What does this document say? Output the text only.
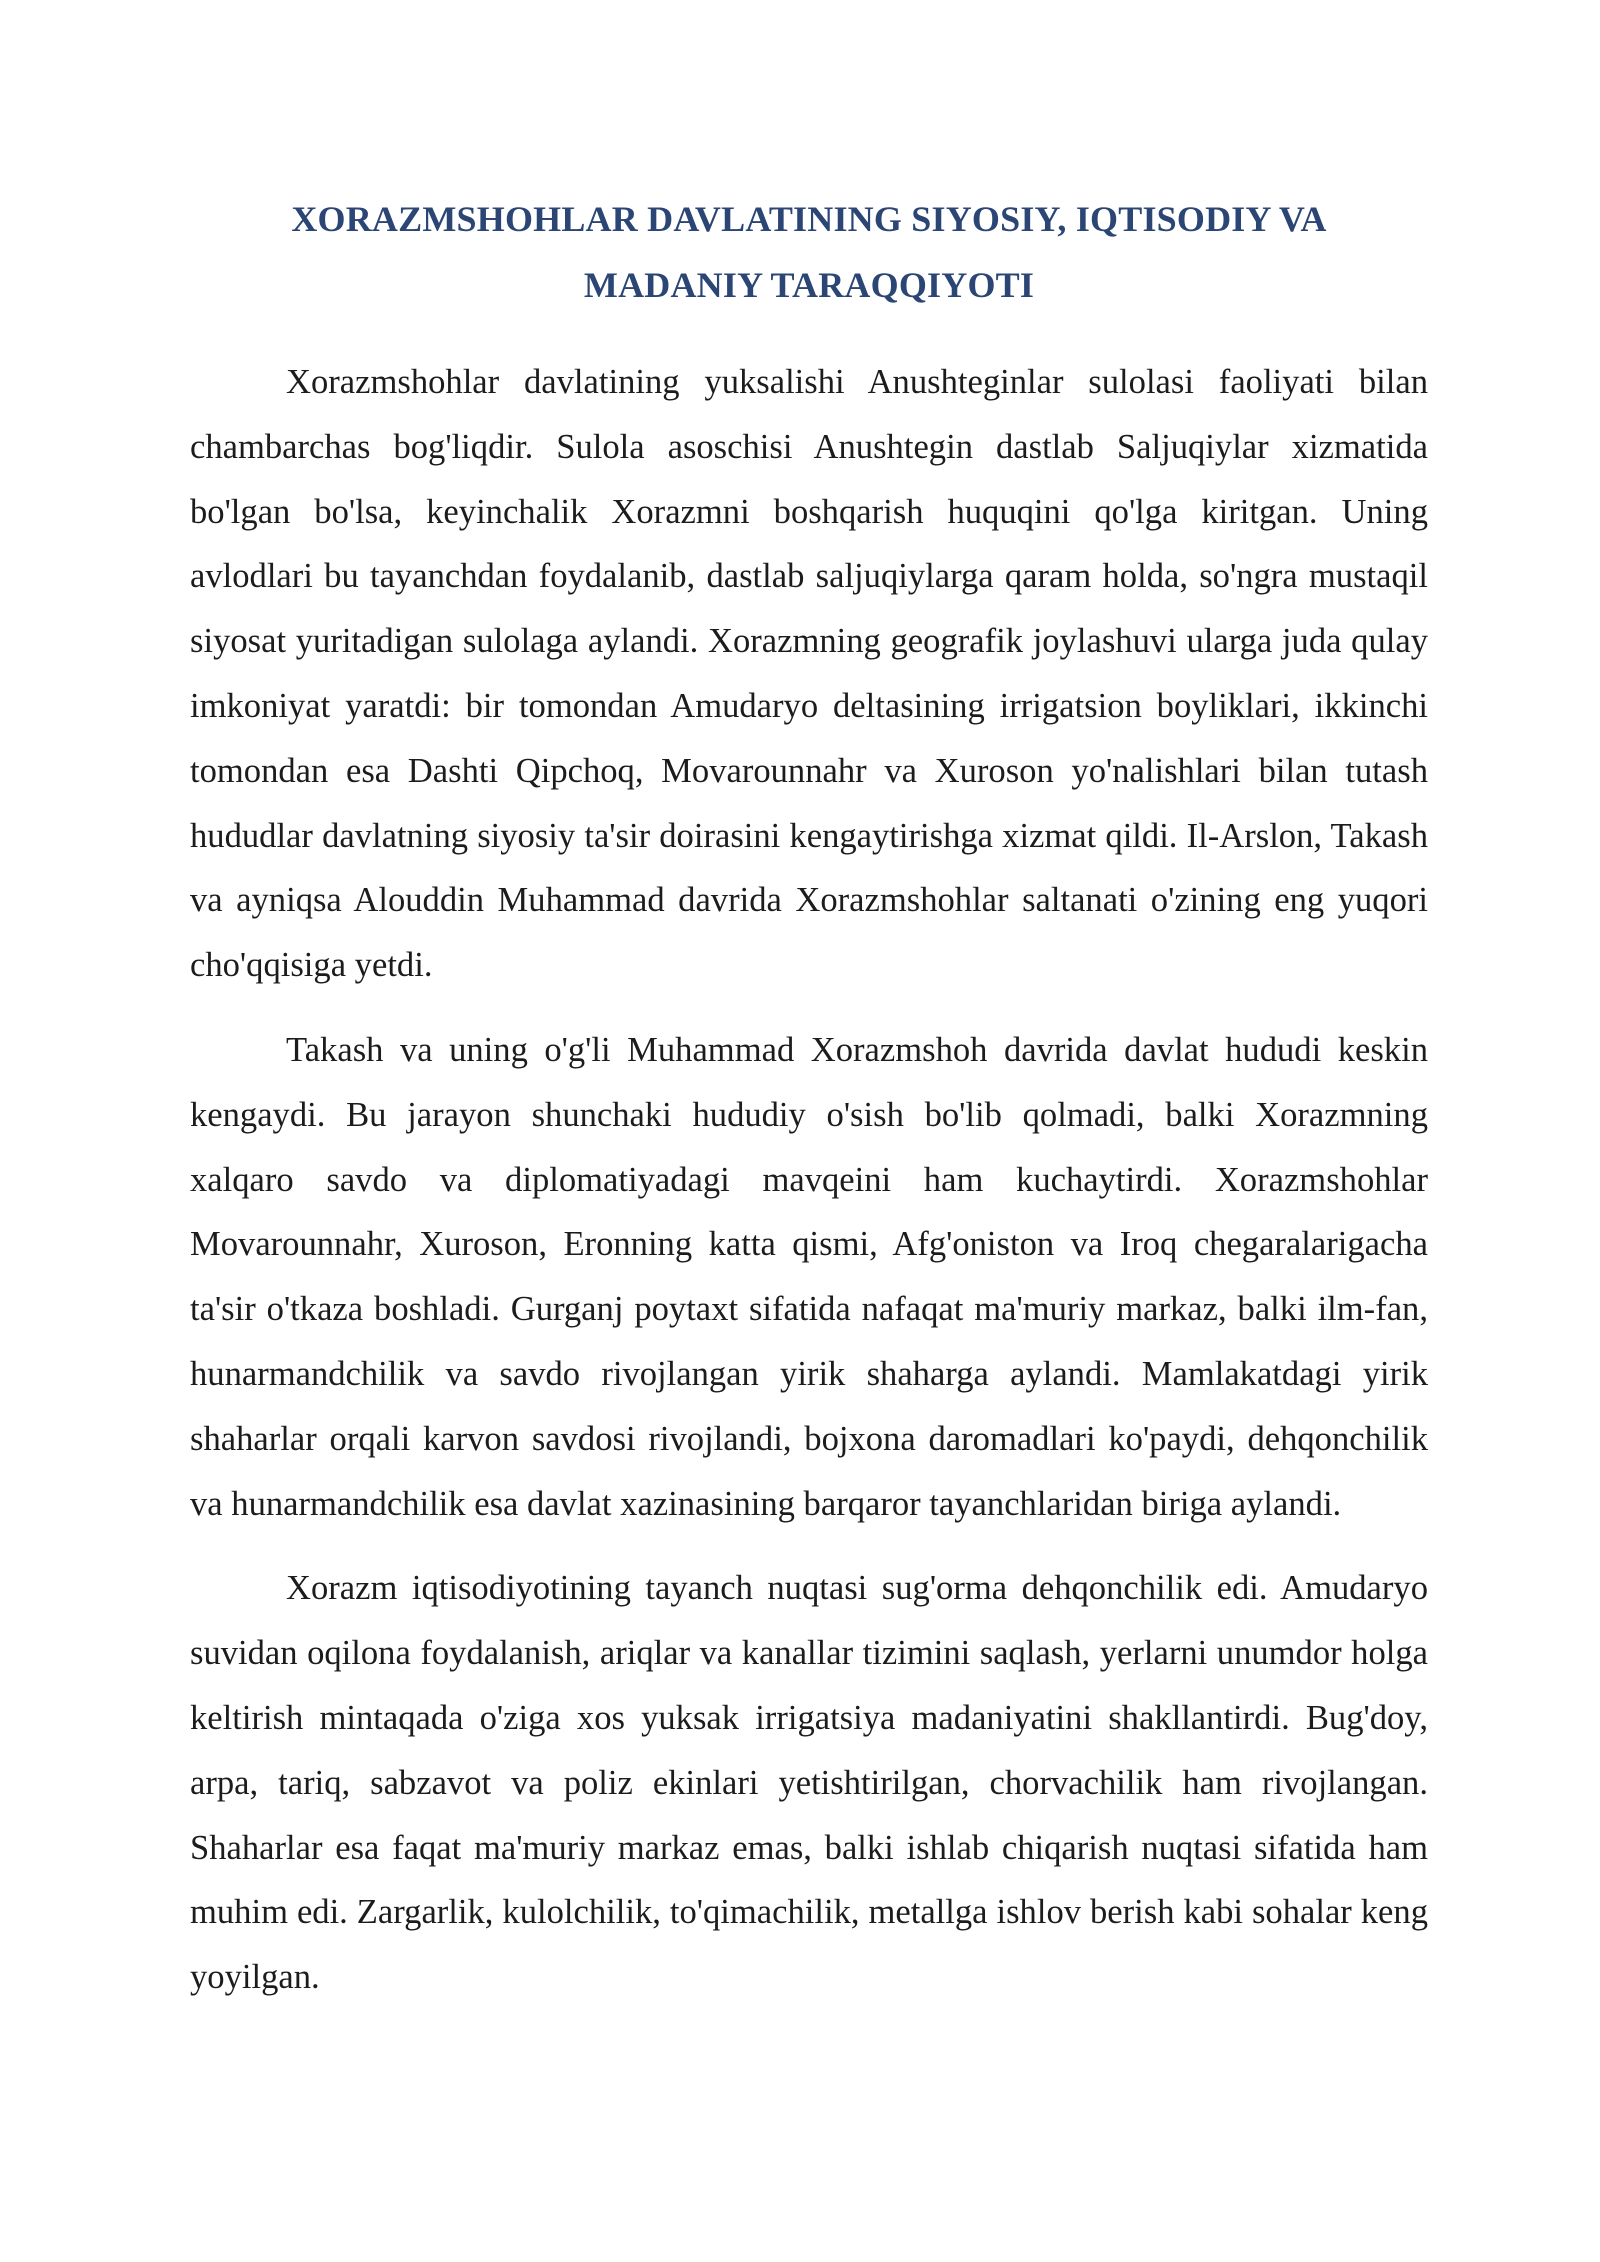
XORAZMSHOHLAR DAVLATINING SIYOSIY, IQTISODIY VA
MADANIY TARAQQIYOTI

Xorazmshohlar davlatining yuksalishi Anushteginlar sulolasi faoliyati bilan chambarchas bog'liqdir. Sulola asoschisi Anushtegin dastlab Saljuqiylar xizmatida bo'lgan bo'lsa, keyinchalik Xorazmni boshqarish huquqini qo'lga kiritgan. Uning avlodlari bu tayanchdan foydalanib, dastlab saljuqiylarga qaram holda, so'ngra mustaqil siyosat yuritadigan sulolaga aylandi. Xorazmning geografik joylashuvi ularga juda qulay imkoniyat yaratdi: bir tomondan Amudaryo deltasining irrigatsion boyliklari, ikkinchi tomondan esa Dashti Qipchoq, Movarounnahr va Xuroson yo'nalishlari bilan tutash hududlar davlatning siyosiy ta'sir doirasini kengaytirishga xizmat qildi. Il-Arslon, Takash va ayniqsa Alouddin Muhammad davrida Xorazmshohlar saltanati o'zining eng yuqori cho'qqisiga yetdi.

Takash va uning o'g'li Muhammad Xorazmshoh davrida davlat hududi keskin kengaydi. Bu jarayon shunchaki hududiy o'sish bo'lib qolmadi, balki Xorazmning xalqaro savdo va diplomatiyadagi mavqeini ham kuchaytirdi. Xorazmshohlar Movarounnahr, Xuroson, Eronning katta qismi, Afg'oniston va Iroq chegaralarigacha ta'sir o'tkaza boshladi. Gurganj poytaxt sifatida nafaqat ma'muriy markaz, balki ilm-fan, hunarmandchilik va savdo rivojlangan yirik shaharga aylandi. Mamlakatdagi yirik shaharlar orqali karvon savdosi rivojlandi, bojxona daromadlari ko'paydi, dehqonchilik va hunarmandchilik esa davlat xazinasining barqaror tayanchlaridan biriga aylandi.

Xorazm iqtisodiyotining tayanch nuqtasi sug'orma dehqonchilik edi. Amudaryo suvidan oqilona foydalanish, ariqlar va kanallar tizimini saqlash, yerlarni unumdor holga keltirish mintaqada o'ziga xos yuksak irrigatsiya madaniyatini shakllantirdi. Bug'doy, arpa, tariq, sabzavot va poliz ekinlari yetishtirilgan, chorvachilik ham rivojlangan. Shaharlar esa faqat ma'muriy markaz emas, balki ishlab chiqarish nuqtasi sifatida ham muhim edi. Zargarlik, kulolchilik, to'qimachilik, metallga ishlov berish kabi sohalar keng yoyilgan.
